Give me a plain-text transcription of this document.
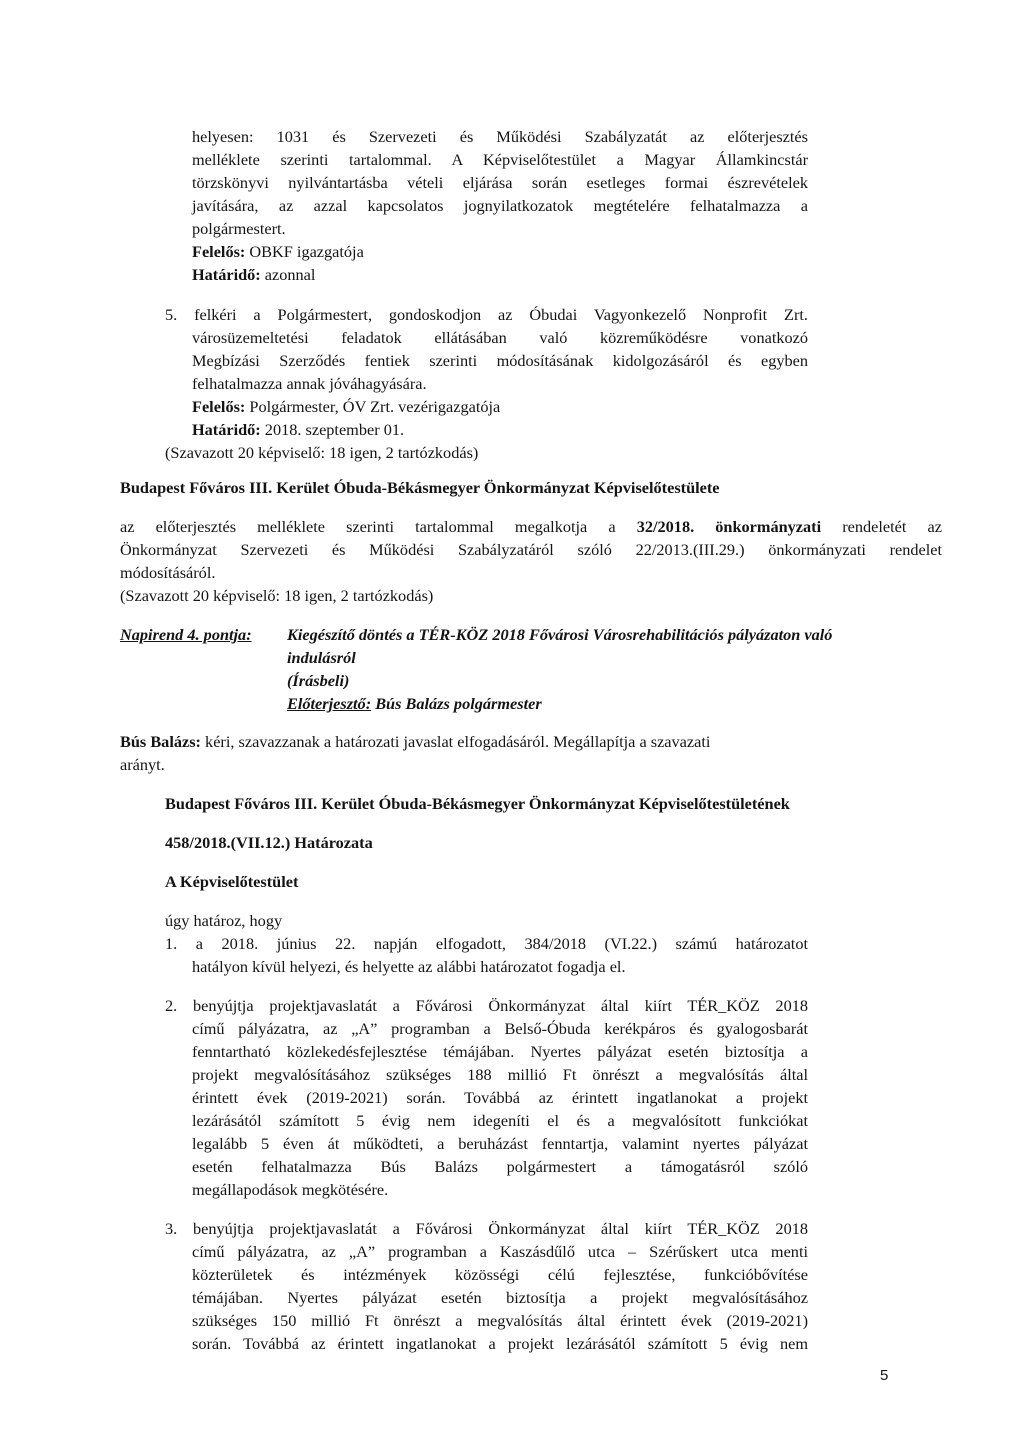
helyesen: 1031 és Szervezeti és Működési Szabályzatát az előterjesztés
melléklete szerinti tartalommal. A Képviselőtestület a Magyar Államkincstár
törzskönyvi nyilvántartásba vételi eljárása során esetleges formai észrevételek
javítására, az azzal kapcsolatos jognyilatkozatok megtételére felhatalmazza a
polgármestert.
Felelős: OBKF igazgatója
Határidő: azonnal
5. felkéri a Polgármestert, gondoskodjon az Óbudai Vagyonkezelő Nonprofit Zrt.
városüzemeltetési feladatok ellátásában való közreműködésre vonatkozó
Megbízási Szerződés fentiek szerinti módosításának kidolgozásáról és egyben
felhatalmazza annak jóváhagyására.
Felelős: Polgármester, ÓV Zrt. vezérigazgatója
Határidő: 2018. szeptember 01.
(Szavazott 20 képviselő: 18 igen, 2 tartózkodás)
Budapest Főváros III. Kerület Óbuda-Békásmegyer Önkormányzat Képviselőtestülete
az előterjesztés melléklete szerinti tartalommal megalkotja a 32/2018. önkormányzati rendeletét az
Önkormányzat Szervezeti és Működési Szabályzatáról szóló 22/2013.(III.29.) önkormányzati rendelet
módosításáról.
(Szavazott 20 képviselő: 18 igen, 2 tartózkodás)
Napirend 4. pontja: Kiegészítő döntés a TÉR-KÖZ 2018 Fővárosi Városrehabilitációs pályázaton való
indulásról
(Írásbeli)
Előterjesztő: Bús Balázs polgármester
Bús Balázs: kéri, szavazzanak a határozati javaslat elfogadásáról. Megállapítja a szavazati
arányt.
Budapest Főváros III. Kerület Óbuda-Békásmegyer Önkormányzat Képviselőtestületének
458/2018.(VII.12.) Határozata
A Képviselőtestület
úgy határoz, hogy
1. a 2018. június 22. napján elfogadott, 384/2018 (VI.22.) számú határozatot
hatályon kívül helyezi, és helyette az alábbi határozatot fogadja el.
2. benyújtja projektjavaslatát a Fővárosi Önkormányzat által kiírt TÉR_KÖZ 2018
című pályázatra, az „A” programban a Belső-Óbuda kerékpáros és gyalogosbarát
fenntartható közlekedésfejlesztése témájában. Nyertes pályázat esetén biztosítja a
projekt megvalósításához szükséges 188 millió Ft önrészt a megvalósítás által
érintett évek (2019-2021) során. Továbbá az érintett ingatlanokat a projekt
lezárásától számított 5 évig nem idegeníti el és a megvalósított funkciókat
legalább 5 éven át működteti, a beruházást fenntartja, valamint nyertes pályázat
esetén felhatalmazza Bús Balázs polgármestert a támogatásról szóló
megállapodások megkötésére.
3. benyújtja projektjavaslatát a Fővárosi Önkormányzat által kiírt TÉR_KÖZ 2018
című pályázatra, az „A” programban a Kaszásdűlő utca – Szérűskert utca menti
közterületek és intézmények közösségi célú fejlesztése, funkcióbővítése
témájában. Nyertes pályázat esetén biztosítja a projekt megvalósításához
szükséges 150 millió Ft önrészt a megvalósítás által érintett évek (2019-2021)
során. Továbbá az érintett ingatlanokat a projekt lezárásától számított 5 évig nem
5
